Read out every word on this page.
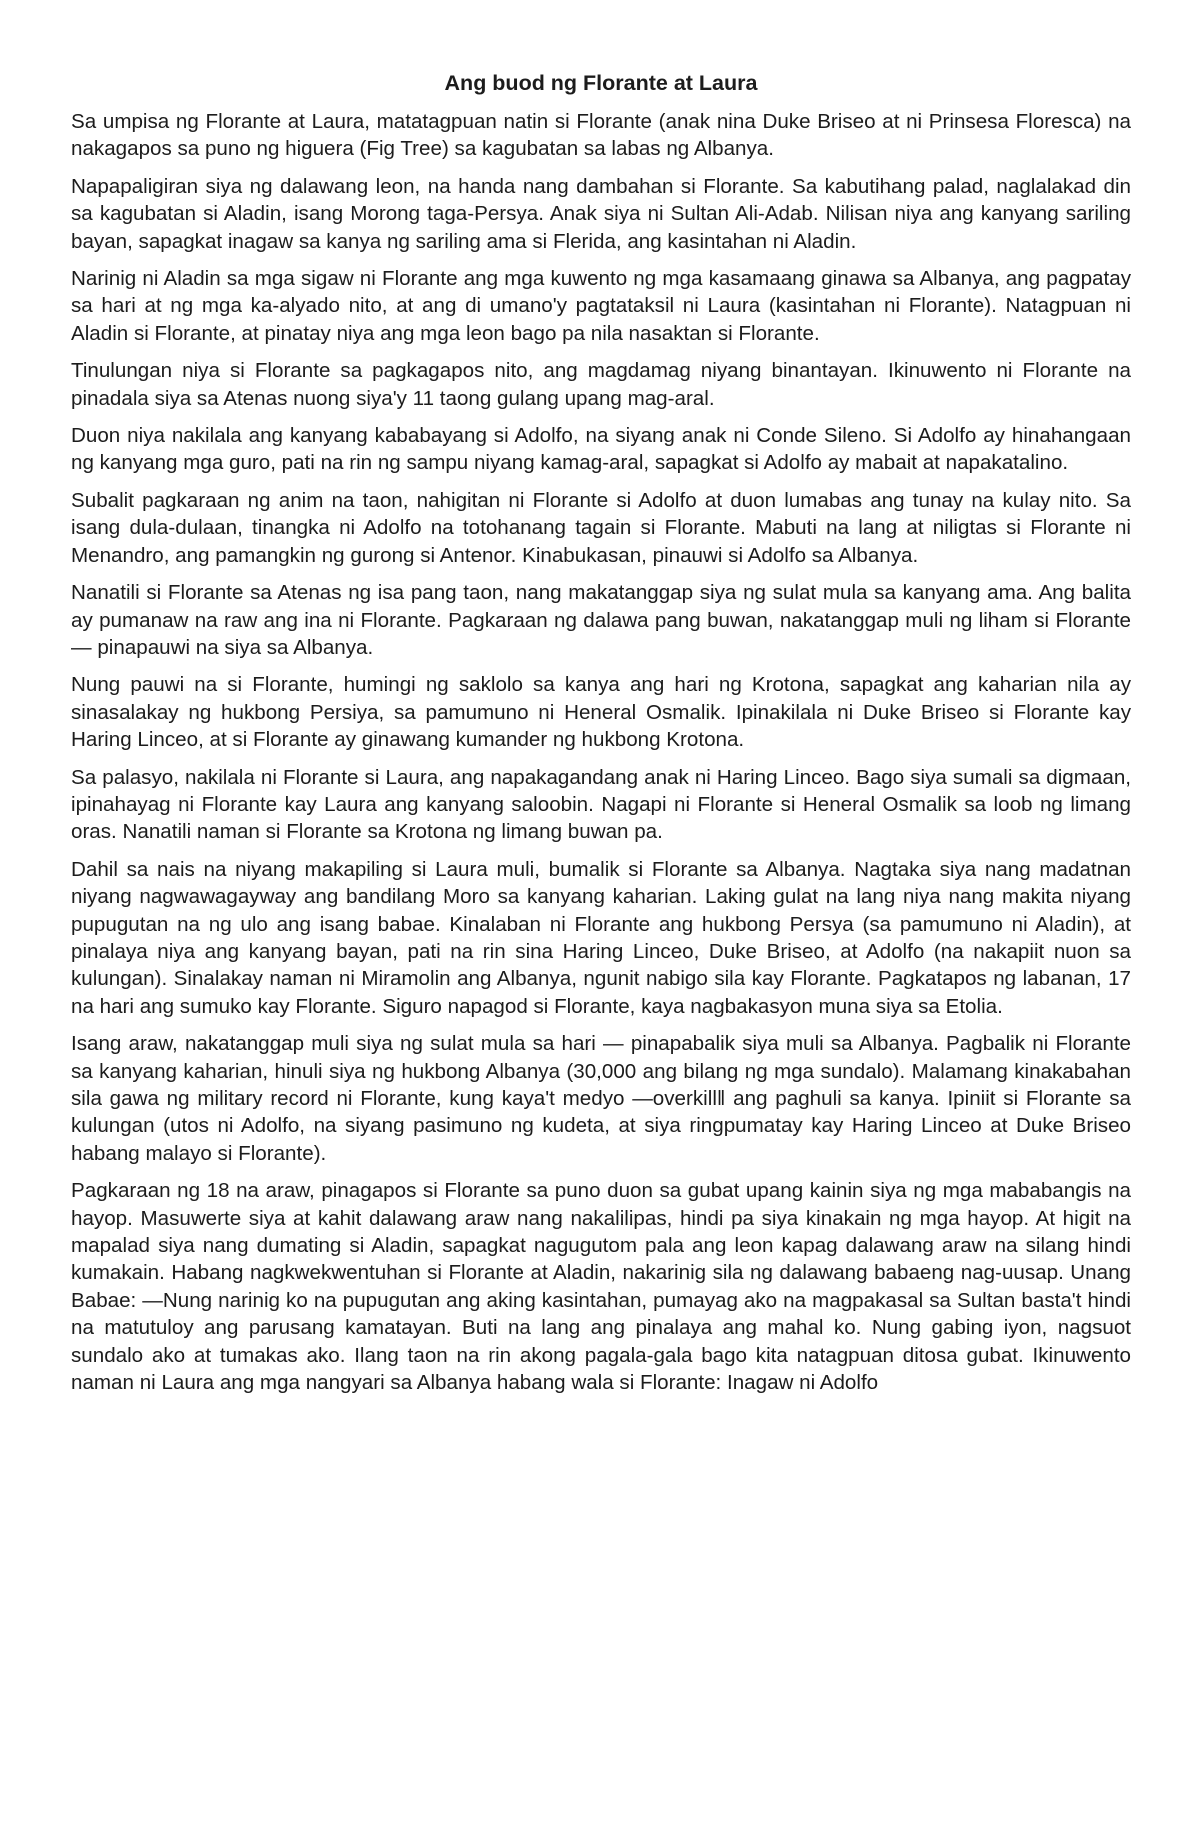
Ang buod ng Florante at Laura
Sa umpisa ng Florante at Laura, matatagpuan natin si Florante (anak nina Duke Briseo at ni Prinsesa Floresca) na nakagapos sa puno ng higuera (Fig Tree) sa kagubatan sa labas ng Albanya.
Napapaligiran siya ng dalawang leon, na handa nang dambahan si Florante. Sa kabutihang palad, naglalakad din sa kagubatan si Aladin, isang Morong taga-Persya. Anak siya ni Sultan Ali-Adab. Nilisan niya ang kanyang sariling bayan, sapagkat inagaw sa kanya ng sariling ama si Flerida, ang kasintahan ni Aladin.
Narinig ni Aladin sa mga sigaw ni Florante ang mga kuwento ng mga kasamaang ginawa sa Albanya, ang pagpatay sa hari at ng mga ka-alyado nito, at ang di umano'y pagtataksil ni Laura (kasintahan ni Florante). Natagpuan ni Aladin si Florante, at pinatay niya ang mga leon bago pa nila nasaktan si Florante.
Tinulungan niya si Florante sa pagkagapos nito, ang magdamag niyang binantayan. Ikinuwento ni Florante na pinadala siya sa Atenas nuong siya'y 11 taong gulang upang mag-aral.
Duon niya nakilala ang kanyang kababayang si Adolfo, na siyang anak ni Conde Sileno. Si Adolfo ay hinahangaan ng kanyang mga guro, pati na rin ng sampu niyang kamag-aral, sapagkat si Adolfo ay mabait at napakatalino.
Subalit pagkaraan ng anim na taon, nahigitan ni Florante si Adolfo at duon lumabas ang tunay na kulay nito. Sa isang dula-dulaan, tinangka ni Adolfo na totohanang tagain si Florante. Mabuti na lang at niligtas si Florante ni Menandro, ang pamangkin ng gurong si Antenor. Kinabukasan, pinauwi si Adolfo sa Albanya.
Nanatili si Florante sa Atenas ng isa pang taon, nang makatanggap siya ng sulat mula sa kanyang ama. Ang balita ay pumanaw na raw ang ina ni Florante. Pagkaraan ng dalawa pang buwan, nakatanggap muli ng liham si Florante — pinapauwi na siya sa Albanya.
Nung pauwi na si Florante, humingi ng saklolo sa kanya ang hari ng Krotona, sapagkat ang kaharian nila ay sinasalakay ng hukbong Persiya, sa pamumuno ni Heneral Osmalik. Ipinakilala ni Duke Briseo si Florante kay Haring Linceo, at si Florante ay ginawang kumander ng hukbong Krotona.
Sa palasyo, nakilala ni Florante si Laura, ang napakagandang anak ni Haring Linceo. Bago siya sumali sa digmaan, ipinahayag ni Florante kay Laura ang kanyang saloobin. Nagapi ni Florante si Heneral Osmalik sa loob ng limang oras. Nanatili naman si Florante sa Krotona ng limang buwan pa.
Dahil sa nais na niyang makapiling si Laura muli, bumalik si Florante sa Albanya. Nagtaka siya nang madatnan niyang nagwawagayway ang bandilang Moro sa kanyang kaharian. Laking gulat na lang niya nang makita niyang pupugutan na ng ulo ang isang babae. Kinalaban ni Florante ang hukbong Persya (sa pamumuno ni Aladin), at pinalaya niya ang kanyang bayan, pati na rin sina Haring Linceo, Duke Briseo, at Adolfo (na nakapiit nuon sa kulungan). Sinalakay naman ni Miramolin ang Albanya, ngunit nabigo sila kay Florante. Pagkatapos ng labanan, 17 na hari ang sumuko kay Florante. Siguro napagod si Florante, kaya nagbakasyon muna siya sa Etolia.
Isang araw, nakatanggap muli siya ng sulat mula sa hari — pinapabalik siya muli sa Albanya. Pagbalik ni Florante sa kanyang kaharian, hinuli siya ng hukbong Albanya (30,000 ang bilang ng mga sundalo). Malamang kinakabahan sila gawa ng military record ni Florante, kung kaya't medyo ―overkill‖ ang paghuli sa kanya. Ipiniit si Florante sa kulungan (utos ni Adolfo, na siyang pasimuno ng kudeta, at siya ringpumatay kay Haring Linceo at Duke Briseo habang malayo si Florante).
Pagkaraan ng 18 na araw, pinagapos si Florante sa puno duon sa gubat upang kainin siya ng mga mababangis na hayop. Masuwerte siya at kahit dalawang araw nang nakalilipas, hindi pa siya kinakain ng mga hayop. At higit na mapalad siya nang dumating si Aladin, sapagkat nagugutom pala ang leon kapag dalawang araw na silang hindi kumakain. Habang nagkwekwentuhan si Florante at Aladin, nakarinig sila ng dalawang babaeng nag-uusap. Unang Babae: ―Nung narinig ko na pupugutan ang aking kasintahan, pumayag ako na magpakasal sa Sultan basta't hindi na matutuloy ang parusang kamatayan. Buti na lang ang pinalaya ang mahal ko. Nung gabing iyon, nagsuot sundalo ako at tumakas ako. Ilang taon na rin akong pagala-gala bago kita natagpuan ditosa gubat. Ikinuwento naman ni Laura ang mga nangyari sa Albanya habang wala si Florante: Inagaw ni Adolfo
